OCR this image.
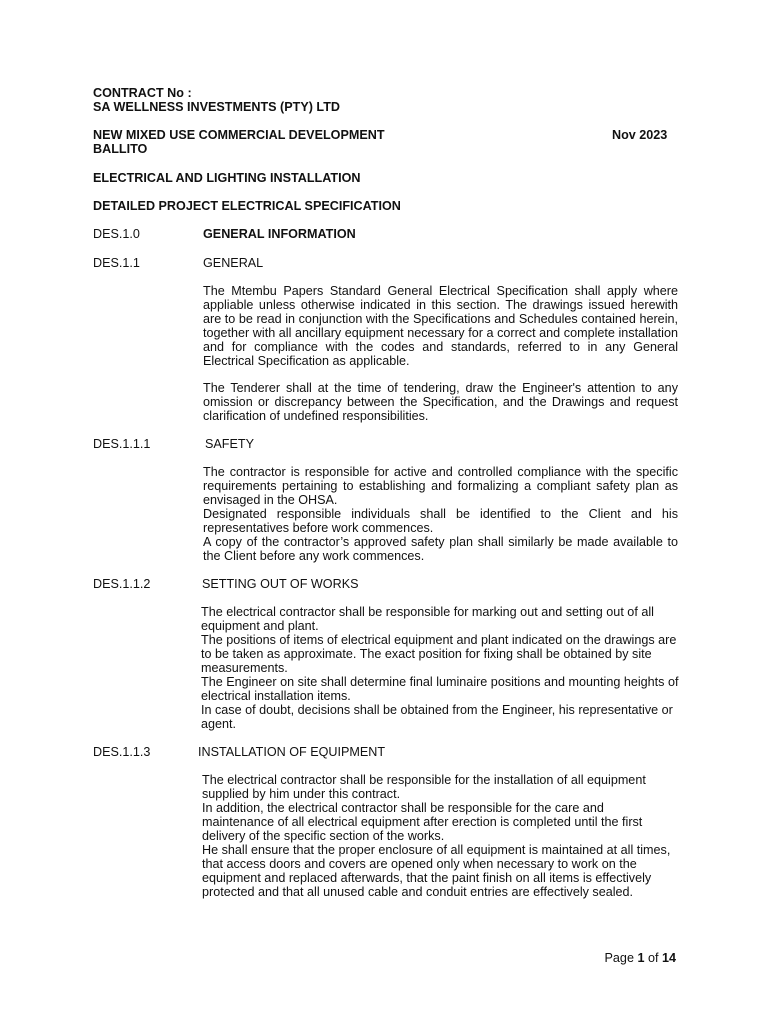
CONTRACT No :
SA WELLNESS INVESTMENTS (PTY) LTD
NEW MIXED USE COMMERCIAL DEVELOPMENT
BALLITO
Nov 2023
ELECTRICAL AND LIGHTING INSTALLATION
DETAILED PROJECT ELECTRICAL SPECIFICATION
DES.1.0	GENERAL INFORMATION
DES.1.1	GENERAL
The Mtembu Papers Standard General Electrical Specification shall apply where appliable unless otherwise indicated in this section. The drawings issued herewith are to be read in conjunction with the Specifications and Schedules contained herein, together with all ancillary equipment necessary for a correct and complete installation and for compliance with the codes and standards, referred to in any General Electrical Specification as applicable.
The Tenderer shall at the time of tendering, draw the Engineer's attention to any omission or discrepancy between the Specification, and the Drawings and request clarification of undefined responsibilities.
DES.1.1.1	SAFETY
The contractor is responsible for active and controlled compliance with the specific requirements pertaining to establishing and formalizing a compliant safety plan as envisaged in the OHSA.
Designated responsible individuals shall be identified to the Client and his representatives before work commences.
A copy of the contractor’s approved safety plan shall similarly be made available to the Client before any work commences.
DES.1.1.2	SETTING OUT OF WORKS
The electrical contractor shall be responsible for marking out and setting out of all equipment and plant.
The positions of items of electrical equipment and plant indicated on the drawings are to be taken as approximate. The exact position for fixing shall be obtained by site measurements.
The Engineer on site shall determine final luminaire positions and mounting heights of electrical installation items.
In case of doubt, decisions shall be obtained from the Engineer, his representative or agent.
DES.1.1.3	INSTALLATION OF EQUIPMENT
The electrical contractor shall be responsible for the installation of all equipment supplied by him under this contract.
In addition, the electrical contractor shall be responsible for the care and maintenance of all electrical equipment after erection is completed until the first delivery of the specific section of the works.
He shall ensure that the proper enclosure of all equipment is maintained at all times, that access doors and covers are opened only when necessary to work on the equipment and replaced afterwards, that the paint finish on all items is effectively protected and that all unused cable and conduit entries are effectively sealed.
Page 1 of 14
